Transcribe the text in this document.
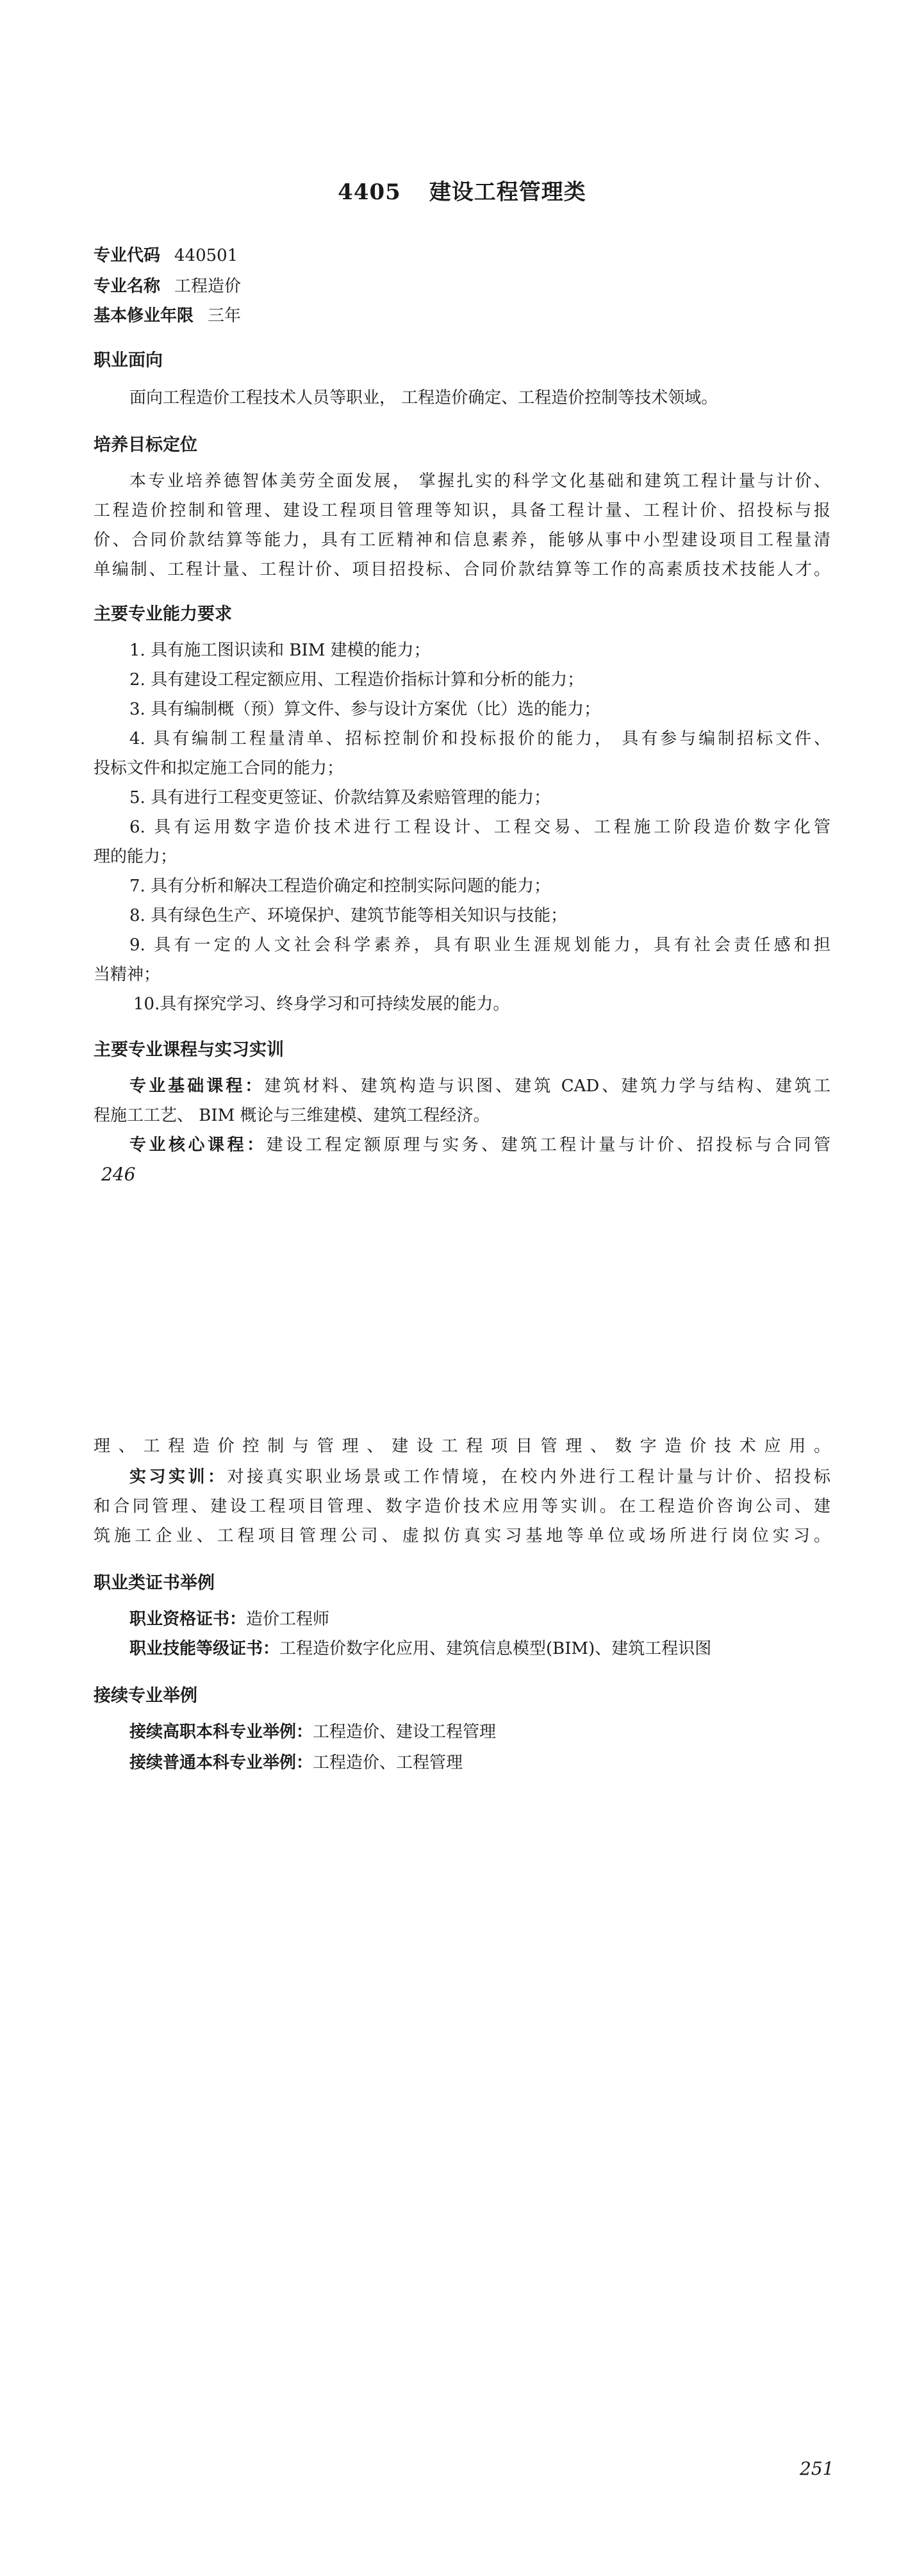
4405 建设工程管理类
专业代码 440501
专业名称 工程造价
基本修业年限 三年
职业面向
面向工程造价工程技术人员等职业， 工程造价确定、工程造价控制等技术领域。
培养目标定位
本专业培养德智体美劳全面发展， 掌握扎实的科学文化基础和建筑工程计量与计价、
工程造价控制和管理、建设工程项目管理等知识，具备工程计量、工程计价、招投标与报
价、合同价款结算等能力，具有工匠精神和信息素养，能够从事中小型建设项目工程量清
单编制、工程计量、工程计价、项目招投标、合同价款结算等工作的高素质技术技能人才。
主要专业能力要求
1. 具有施工图识读和 BIM 建模的能力；
2. 具有建设工程定额应用、工程造价指标计算和分析的能力；
3. 具有编制概（预）算文件、参与设计方案优（比）选的能力；
4. 具有编制工程量清单、招标控制价和投标报价的能力， 具有参与编制招标文件、
投标文件和拟定施工合同的能力；
5. 具有进行工程变更签证、价款结算及索赔管理的能力；
6. 具有运用数字造价技术进行工程设计、工程交易、工程施工阶段造价数字化管
理的能力；
7. 具有分析和解决工程造价确定和控制实际问题的能力；
8. 具有绿色生产、环境保护、建筑节能等相关知识与技能；
9. 具有一定的人文社会科学素养，具有职业生涯规划能力，具有社会责任感和担
当精神；
10.具有探究学习、终身学习和可持续发展的能力。
主要专业课程与实习实训
专业基础课程：建筑材料、建筑构造与识图、建筑 CAD、建筑力学与结构、建筑工
程施工工艺、 BIM 概论与三维建模、建筑工程经济。
专业核心课程：建设工程定额原理与实务、建筑工程计量与计价、招投标与合同管
246
理、工程造价控制与管理、建设工程项目管理、数字造价技术应用。
实习实训：对接真实职业场景或工作情境，在校内外进行工程计量与计价、招投标
和合同管理、建设工程项目管理、数字造价技术应用等实训。在工程造价咨询公司、建
筑施工企业、工程项目管理公司、虚拟仿真实习基地等单位或场所进行岗位实习。
职业类证书举例
职业资格证书：造价工程师
职业技能等级证书：工程造价数字化应用、建筑信息模型(BIM)、建筑工程识图
接续专业举例
接续高职本科专业举例：工程造价、建设工程管理
接续普通本科专业举例：工程造价、工程管理
251
